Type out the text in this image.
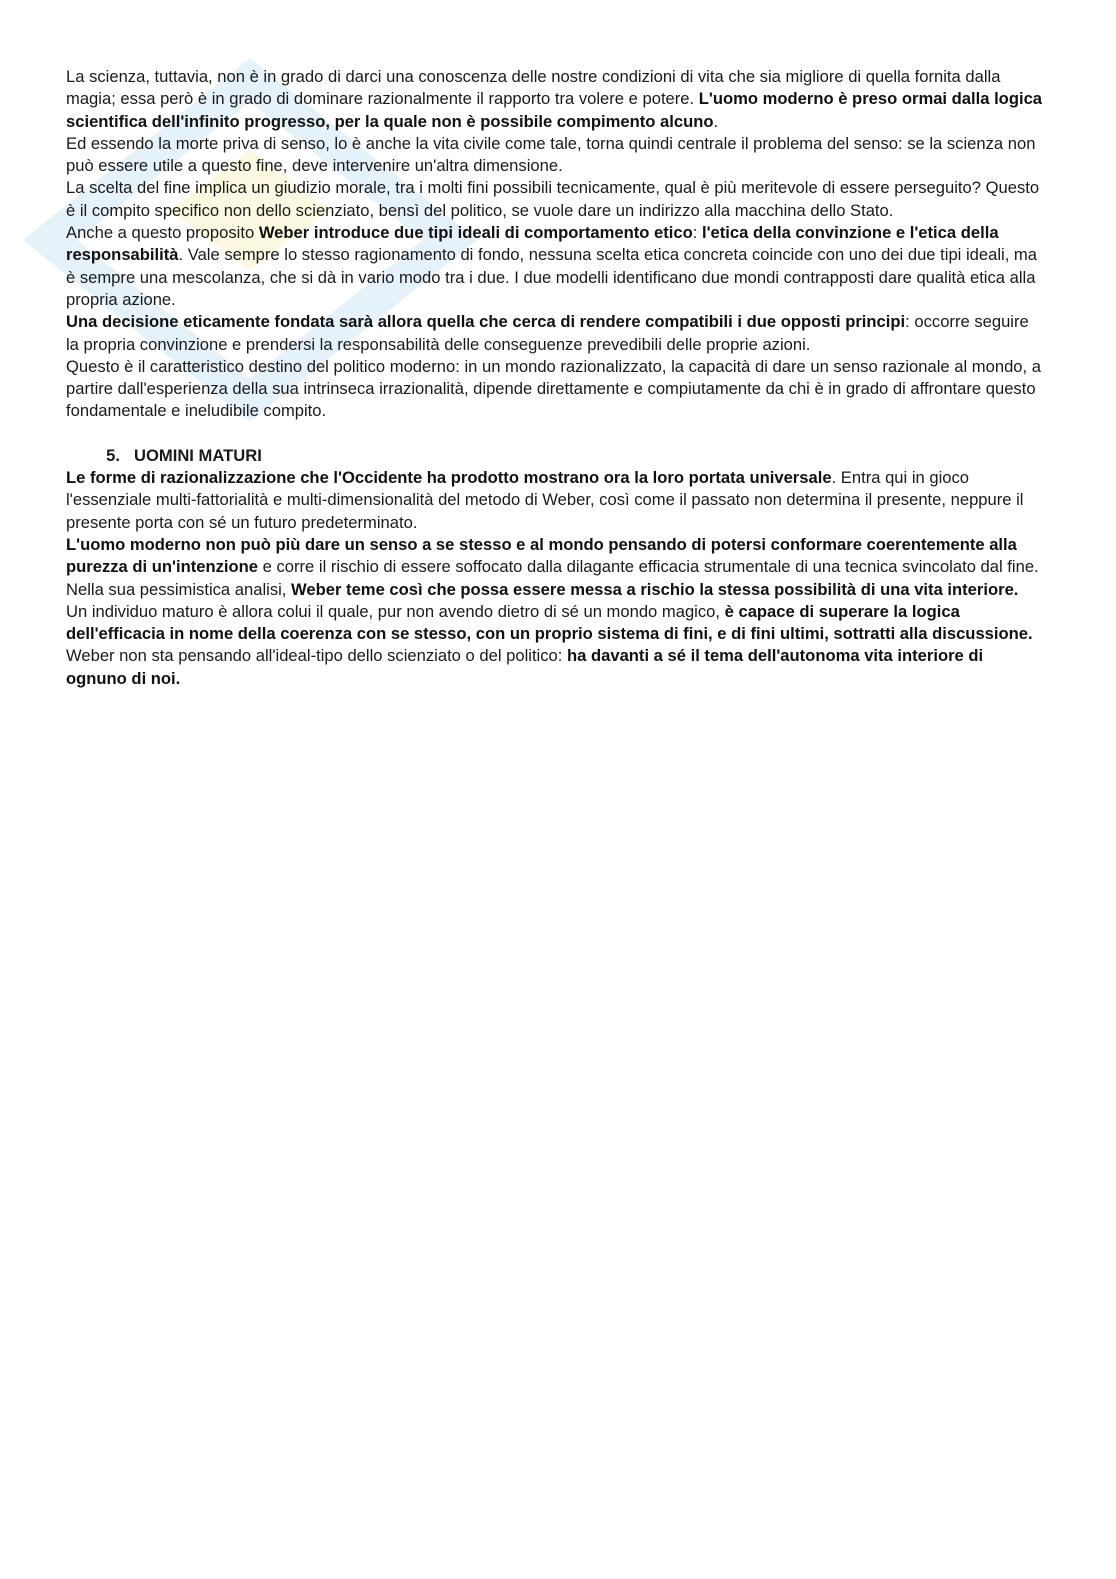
La scienza, tuttavia, non è in grado di darci una conoscenza delle nostre condizioni di vita che sia migliore di quella fornita dalla magia; essa però è in grado di dominare razionalmente il rapporto tra volere e potere. L'uomo moderno è preso ormai dalla logica scientifica dell'infinito progresso, per la quale non è possibile compimento alcuno.

Ed essendo la morte priva di senso, lo è anche la vita civile come tale, torna quindi centrale il problema del senso: se la scienza non può essere utile a questo fine, deve intervenire un'altra dimensione.

La scelta del fine implica un giudizio morale, tra i molti fini possibili tecnicamente, qual è più meritevole di essere perseguito? Questo è il compito specifico non dello scienziato, bensì del politico, se vuole dare un indirizzo alla macchina dello Stato.

Anche a questo proposito Weber introduce due tipi ideali di comportamento etico: l'etica della convinzione e l'etica della responsabilità. Vale sempre lo stesso ragionamento di fondo, nessuna scelta etica concreta coincide con uno dei due tipi ideali, ma è sempre una mescolanza, che si dà in vario modo tra i due. I due modelli identificano due mondi contrapposti dare qualità etica alla propria azione.

Una decisione eticamente fondata sarà allora quella che cerca di rendere compatibili i due opposti principi: occorre seguire la propria convinzione e prendersi la responsabilità delle conseguenze prevedibili delle proprie azioni.

Questo è il caratteristico destino del politico moderno: in un mondo razionalizzato, la capacità di dare un senso razionale al mondo, a partire dall'esperienza della sua intrinseca irrazionalità, dipende direttamente e compiutamente da chi è in grado di affrontare questo fondamentale e ineludibile compito.

5. UOMINI MATURI

Le forme di razionalizzazione che l'Occidente ha prodotto mostrano ora la loro portata universale. Entra qui in gioco l'essenziale multi-fattorialità e multi-dimensionalità del metodo di Weber, così come il passato non determina il presente, neppure il presente porta con sé un futuro predeterminato.

L'uomo moderno non può più dare un senso a se stesso e al mondo pensando di potersi conformare coerentemente alla purezza di un'intenzione e corre il rischio di essere soffocato dalla dilagante efficacia strumentale di una tecnica svincolato dal fine. Nella sua pessimistica analisi, Weber teme così che possa essere messa a rischio la stessa possibilità di una vita interiore.

Un individuo maturo è allora colui il quale, pur non avendo dietro di sé un mondo magico, è capace di superare la logica dell'efficacia in nome della coerenza con se stesso, con un proprio sistema di fini, e di fini ultimi, sottratti alla discussione. Weber non sta pensando all'ideal-tipo dello scienziato o del politico: ha davanti a sé il tema dell'autonoma vita interiore di ognuno di noi.
